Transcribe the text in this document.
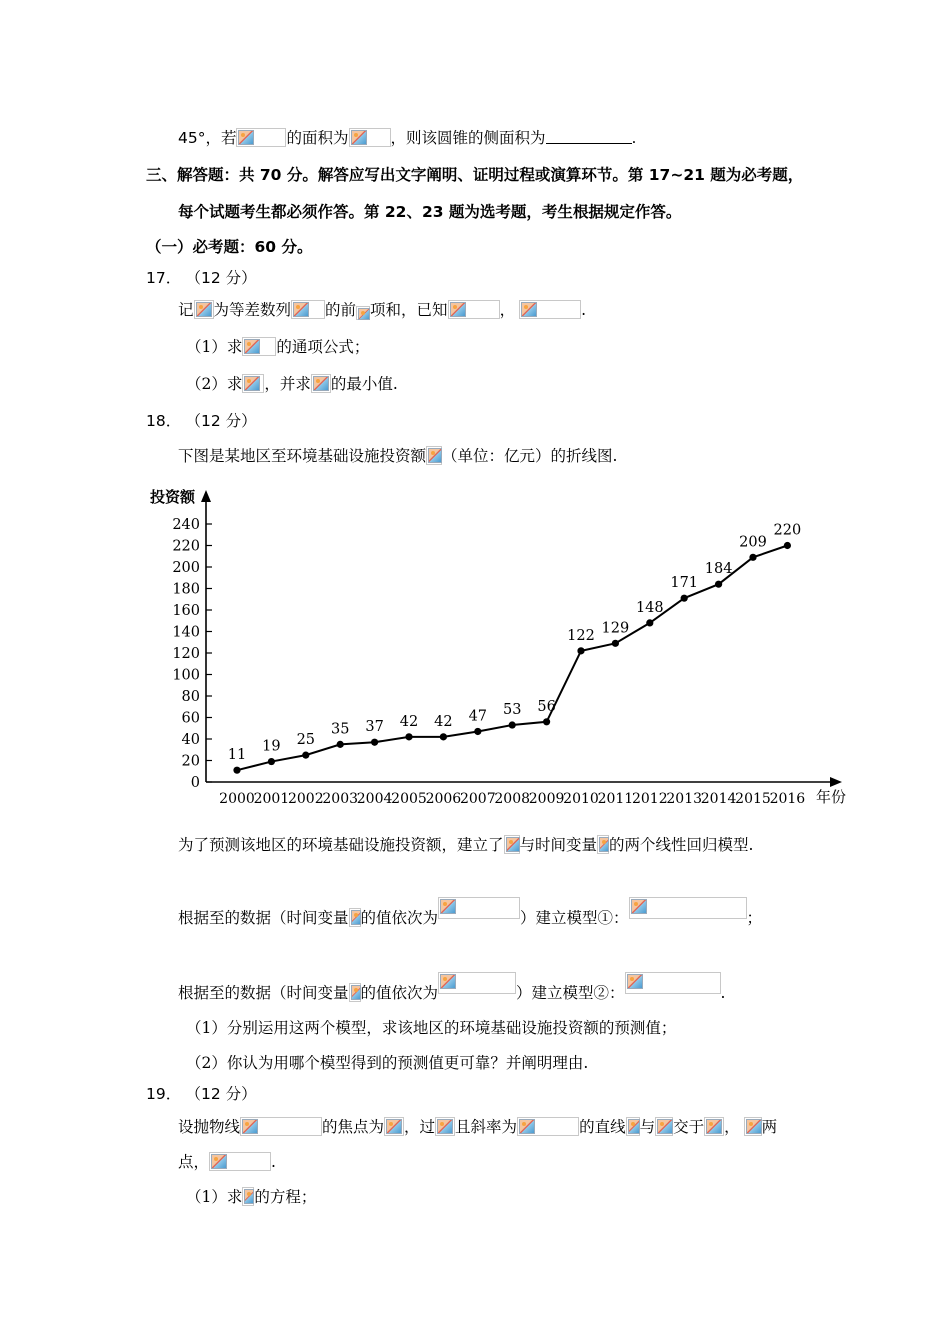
45°，若	的面积为	，则该圆锥的侧面积为	.
三、解答题：共 70 分。解答应写出文字阐明、证明过程或演算环节。第 17~21 题为必考题，
每个试题考生都必须作答。第 22、23 题为选考题，考生根据规定作答。
（一）必考题：60 分。
17． （12 分）
记 为等差数列 的前 项和，已知	，	.
（1）求 的通项公式；
（2）求 ，并求 的最小值.
18． （12 分）
下图是某地区至环境基础设施投资额 （单位：亿元）的折线图.
0
20
40
60
80
100
120
140
160
180
200
220
240
2000
2001
2002
2003
2004
2005
2006
2007
2008
2009
2010
2011
2012
2013
2014
2015
2016
11
19 25
35 37 42 42 47 53 56
122 129
148
171
184
209
220
投资额
年份
为了预测该地区的环境基础设施投资额，建立了 与时间变量 的两个线性回归模型.
根据至的数据（时间变量 的值依次为	）建立模型①：	；
根据至的数据（时间变量 的值依次为	）建立模型②：	.
（1）分别运用这两个模型，求该地区的环境基础设施投资额的预测值；
（2）你认为用哪个模型得到的预测值更可靠？并阐明理由.
19． （12 分）
设抛物线	的焦点为 ，过 且斜率为	的直线 与 交于 ， 两
点，	.
（1）求 的方程；
